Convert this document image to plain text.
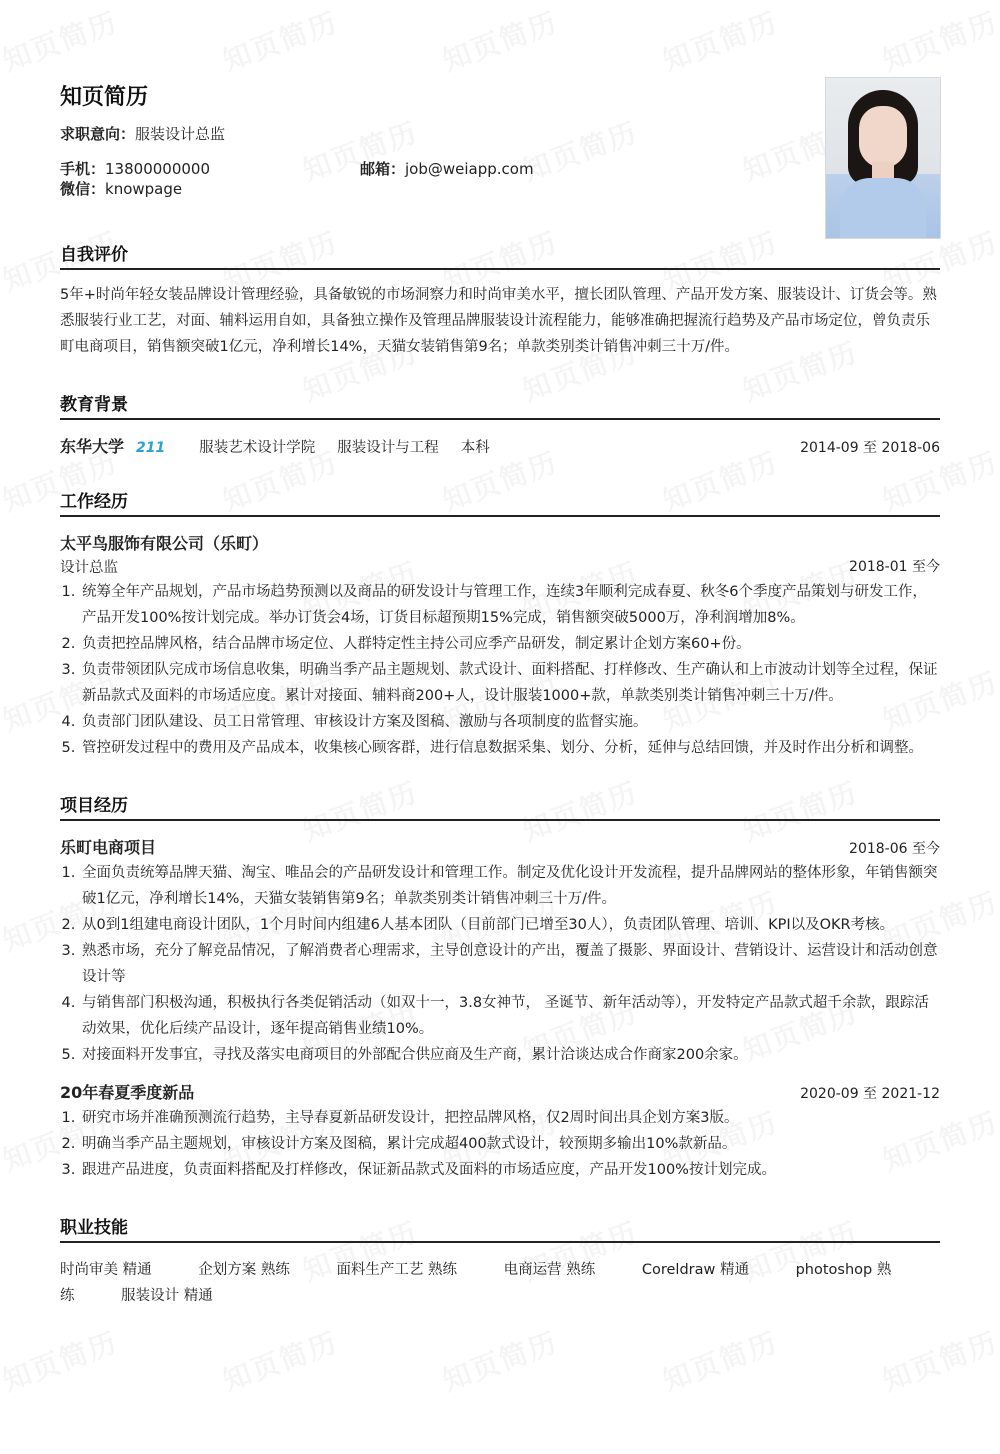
知页简历
求职意向：服装设计总监
手机：13800000000	邮箱：job@weiapp.com
微信：knowpage
自我评价

5年+时尚年轻女装品牌设计管理经验，具备敏锐的市场洞察力和时尚审美水平，擅长团队管理、产品开发方案、服装设计、订货会等。熟悉服装行业工艺，对面、辅料运用自如，具备独立操作及管理品牌服装设计流程能力，能够准确把握流行趋势及产品市场定位，曾负责乐町电商项目，销售额突破1亿元，净利增长14%，天猫女装销售第9名；单款类别类计销售冲刺三十万/件。

教育背景
东华大学 211 服装艺术设计学院 服装设计与工程 本科	2014-09 至 2018-06
工作经历
太平鸟服饰有限公司（乐町）
设计总监	2018-01 至今
1. 统筹全年产品规划，产品市场趋势预测以及商品的研发设计与管理工作，连续3年顺利完成春夏、秋冬6个季度产品策划与研发工作，产品开发100%按计划完成。举办订货会4场，订货目标超预期15%完成，销售额突破5000万，净利润增加8%。
2. 负责把控品牌风格，结合品牌市场定位、人群特定性主持公司应季产品研发，制定累计企划方案60+份。
3. 负责带领团队完成市场信息收集，明确当季产品主题规划、款式设计、面料搭配、打样修改、生产确认和上市波动计划等全过程，保证新品款式及面料的市场适应度。累计对接面、辅料商200+人，设计服装1000+款，单款类别类计销售冲刺三十万/件。
4. 负责部门团队建设、员工日常管理、审核设计方案及图稿、激励与各项制度的监督实施。
5. 管控研发过程中的费用及产品成本，收集核心顾客群，进行信息数据采集、划分、分析，延伸与总结回馈，并及时作出分析和调整。
项目经历
乐町电商项目	2018-06 至今
1. 全面负责统筹品牌天猫、淘宝、唯品会的产品研发设计和管理工作。制定及优化设计开发流程，提升品牌网站的整体形象，年销售额突破1亿元，净利增长14%，天猫女装销售第9名；单款类别类计销售冲刺三十万/件。
2. 从0到1组建电商设计团队，1个月时间内组建6人基本团队（目前部门已增至30人），负责团队管理、培训、KPI以及OKR考核。
3. 熟悉市场，充分了解竞品情况，了解消费者心理需求，主导创意设计的产出，覆盖了摄影、界面设计、营销设计、运营设计和活动创意设计等
4. 与销售部门积极沟通，积极执行各类促销活动（如双十一，3.8女神节， 圣诞节、新年活动等），开发特定产品款式超千余款，跟踪活动效果，优化后续产品设计，逐年提高销售业绩10%。
5. 对接面料开发事宜，寻找及落实电商项目的外部配合供应商及生产商，累计洽谈达成合作商家200余家。
20年春夏季度新品	2020-09 至 2021-12
1. 研究市场并准确预测流行趋势，主导春夏新品研发设计，把控品牌风格，仅2周时间出具企划方案3版。
2. 明确当季产品主题规划，审核设计方案及图稿，累计完成超400款式设计，较预期多输出10%款新品。
3. 跟进产品进度，负责面料搭配及打样修改，保证新品款式及面料的市场适应度，产品开发100%按计划完成。
职业技能
时尚审美 精通	企划方案 熟练	面料生产工艺 熟练	电商运营 熟练	Coreldraw 精通	photoshop 熟练	服装设计 精通
